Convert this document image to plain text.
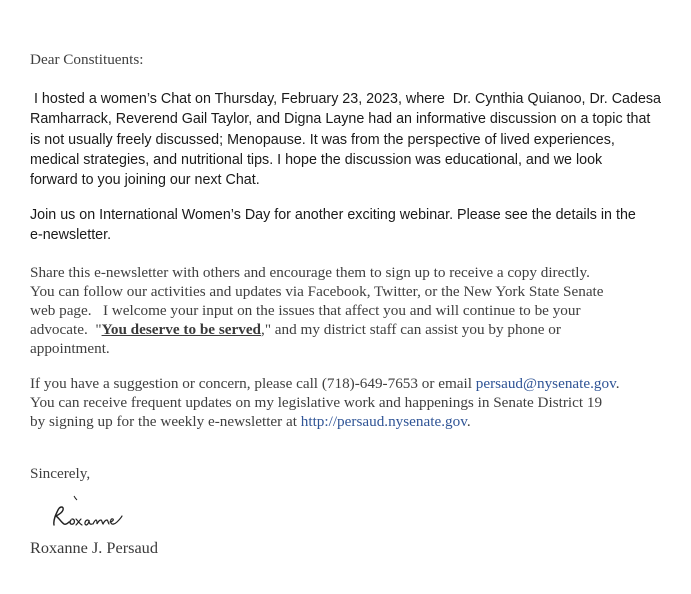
Dear Constituents:
I hosted a women’s Chat on Thursday, February 23, 2023, where  Dr. Cynthia Quianoo, Dr. Cadesa
Ramharrack, Reverend Gail Taylor, and Digna Layne had an informative discussion on a topic that
is not usually freely discussed; Menopause. It was from the perspective of lived experiences,
medical strategies, and nutritional tips. I hope the discussion was educational, and we look
forward to you joining our next Chat.
Join us on International Women’s Day for another exciting webinar. Please see the details in the
e-newsletter.
Share this e-newsletter with others and encourage them to sign up to receive a copy directly.
You can follow our activities and updates via Facebook, Twitter, or the New York State Senate
web page.   I welcome your input on the issues that affect you and will continue to be your
advocate.  "You deserve to be served," and my district staff can assist you by phone or
appointment.
If you have a suggestion or concern, please call (718)-649-7653 or email persaud@nysenate.gov.
You can receive frequent updates on my legislative work and happenings in Senate District 19
by signing up for the weekly e-newsletter at http://persaud.nysenate.gov.
Sincerely,
Roxanne J. Persaud
